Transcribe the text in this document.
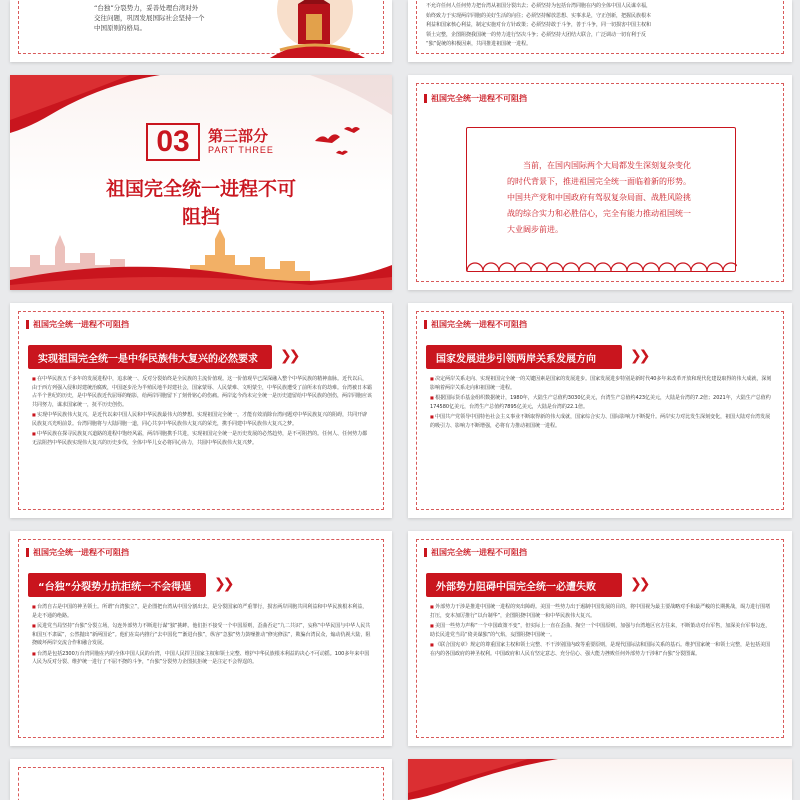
“台独”分裂势力，妥善处理台湾对外
交往问题，巩固发展国际社会坚持一个
中国原则的格局。
不允许任何人任何势力把台湾从祖国分裂出去；必须坚持为包括台湾同胞在内的全体中国人民谋幸福，
始终致力于实现两岸同胞的美好生活的向往；必须坚持解放思想、实事求是，守正创新，把握民族根本
利益和国家核心利益，制定实施对台方针政策；必须坚持敢于斗争，善于斗争，同一切损害中国主权和
领土完整，企图阻挠我国统一的势力进行坚决斗争；必须坚持大团结大联合，广泛调动一切有利于反
“独”促统的积极因素，共同推进祖国统一进程。
03 第三部分
PART THREE
祖国完全统一进程不可
阻挡
祖国完全统一进程不可阻挡
当前，在国内国际两个大局都发生深刻复杂变化的时代背景下，推进祖国完全统一面临着新的形势。中国共产党和中国政府有驾驭复杂局面、战胜风险挑战的综合实力和必胜信心，完全有能力推动祖国统一大业阔步前进。
祖国完全统一进程不可阻挡
实现祖国完全统一是中华民族伟大复兴的必然要求	❯❯

■ 在中华民族五千多年的发展进程中，追求统一、反对分裂始终是全民族的主流价值观。这一价值观早已深深融入整个中华民族的精神血脉。近代以后，由于西方列强入侵和封建统治腐败，中国逐步沦为半殖民地半封建社会，国家蒙辱、人民蒙难、文明蒙尘，中华民族遭受了前所未有的劫难。台湾被日本霸占半个世纪的历史，是中华民族近代屈辱的缩影，给两岸同胞留下了刻骨铭心的伤痛。两岸迄今尚未完全统一是历史遗留给中华民族的创伤，两岸同胞应该共同努力，谋求国家统一，抚平历史创伤。

■ 实现中华民族伟大复兴，是近代以来中国人民和中华民族最伟大的梦想。实现祖国完全统一，才能有效消除台湾问题对中华民族复兴的阻碍，共同开辟民族复兴光明前景。台湾同胞将与大陆同胞一道，同心共享中华民族伟大复兴的荣光，携手同建中华民族伟大复兴之梦。

■ 中华民族在探寻民族复兴道路的进程中饱经风霜，两岸同胞携手共进，实现祖国完全统一是历史发展的必然趋势，是不可阻挡的。任何人、任何势力都无法阻挡中华民族实现伟大复兴的历史步伐，全体中华儿女必将同心协力，共圆中华民族伟大复兴梦。

祖国完全统一进程不可阻挡
国家发展进步引领两岸关系发展方向	❯❯

■ 决定两岸关系走向、实现祖国完全统一的关键因素是国家的发展进步。国家发展进步特别是新时代40多年来改革开放和现代化建设取得的伟大成就，深刻影响着两岸关系走向和祖国统一进程。

■ 根据国际货币基金组织数据统计，1980年，大陆生产总值约3030亿美元，台湾生产总值约423亿美元，大陆是台湾的7.2倍；2021年，大陆生产总值约174580亿美元，台湾生产总值约7895亿美元，大陆是台湾的22.1倍。

■ 中国共产党领导中国特色社会主义事业不断取得新的伟大成就，国家综合实力、国际影响力不断提升。两岸实力对比发生深刻变化，祖国大陆对台湾发展的吸引力、影响力不断增强，必将有力推动祖国统一进程。

祖国完全统一进程不可阻挡
“台独”分裂势力抗拒统一不会得逞	❯❯

■ 台湾自古是中国的神圣领土。所谓“台湾独立”，是企图把台湾从中国分割出去，是分裂国家的严重罪行，损害两岸同胞共同利益和中华民族根本利益，是走不通的绝路。

■ 民进党当局坚持“台独”分裂立场，勾连外部势力不断进行谋“独”挑衅。他们拒不接受一个中国原则，歪曲否定“九二共识”，妄称“中华民国与中华人民共和国互不隶属”，公然抛出“新两国论”。他们在岛内推行“去中国化”“渐进台独”，纵容“急独”势力鼓噪推动“修宪修法”，欺骗台湾民众，煽动仇视大陆，阻挠破坏两岸交流合作和融合发展。

■ 台湾是包括2300万台湾同胞在内的全体中国人民的台湾，中国人民捍卫国家主权和领土完整、维护中华民族根本利益的决心不可动摇。100多年来中国人民为反对分裂、维护统一进行了不屈不挠的斗争，“台独”分裂势力企图抗拒统一是注定不会得逞的。

祖国完全统一进程不可阻挡
外部势力阻碍中国完全统一必遭失败	❯❯

■ 外部势力干涉是推进中国统一进程的突出障碍。美国一些势力出于遏制中国发展的目的，将中国视为最主要战略对手和最严峻的长期挑战，竭力进行围堵打压，变本加厉推行“以台制华”，企图阻挠中国统一和中华民族伟大复兴。

■ 美国一些势力声称“一个中国政策不变”，但实际上一直在歪曲、掏空一个中国原则，加强与台湾地区官方往来，不断策动对台军售，加深美台军事勾连，助长民进党当局“倚美谋独”的气焰，妄图阻挠中国统一。

■ 《联合国宪章》规定的尊重国家主权和领土完整、不干涉别国内政等重要原则，是现代国际法和国际关系的基石。维护国家统一和领土完整，是包括美国在内的各国政府的神圣权利。中国政府和人民有坚定意志、充分信心、强大能力挫败任何外部势力干涉和“台独”分裂图谋。
